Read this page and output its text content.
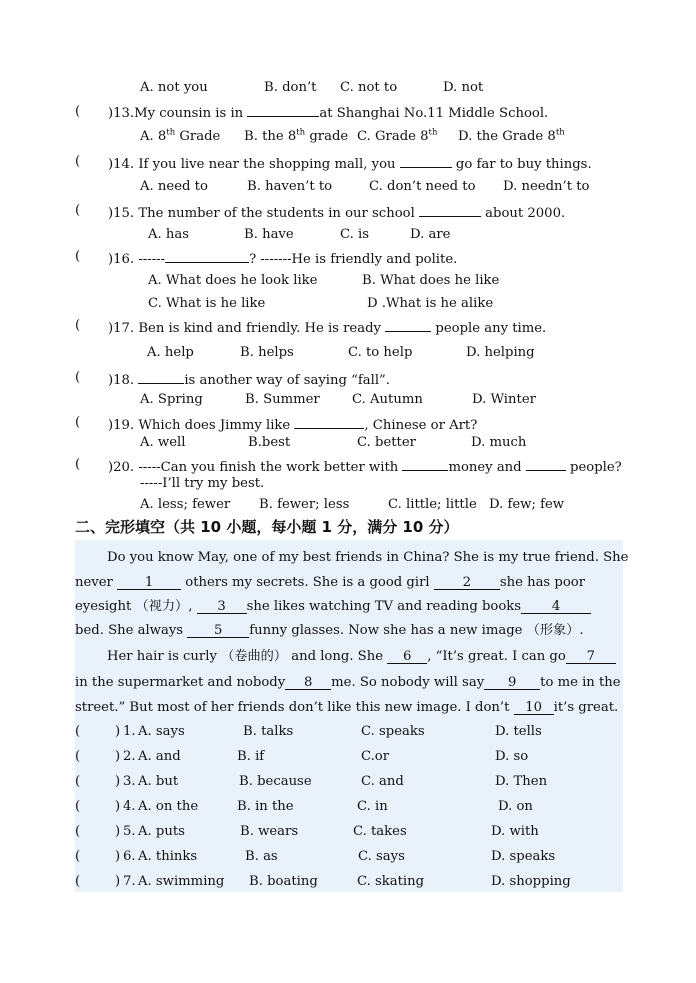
A. not you	B. don’t C. not to	D. not
( )13.My counsin is in	at Shanghai No.11 Middle School.
A. 8th Grade B. the 8th grade C. Grade 8th D. the Grade 8th
( )14. If you live near the shopping mall, you	go far to buy things.
A. need to	B. haven’t to	C. don’t need to D. needn’t to
( )15. The number of the students in our school	about 2000.
A. has	B. have	C. is	D. are
( )16. ------	? -------He is friendly and polite.
A. What does he look like	B. What does he like
C. What is he like	D .What is he alike
( )17. Ben is kind and friendly. He is ready	people any time.
A. help	B. helps	C. to help	D. helping
( )18.	is another way of saying “fall”.
A. Spring	B. Summer C. Autumn	D. Winter
( )19. Which does Jimmy like	, Chinese or Art?
A. well	B.best	C. better	D. much
( )20. -----Can you finish the work better with	money and	people?
-----I’ll try my best.
A. less; fewer B. fewer; less	C. little; little D. few; few
二、完形填空（共 10 小题，每小题 1 分，满分 10 分）
Do you know May, one of my best friends in China? She is my true friend. She
never 1 others my secrets. She is a good girl 2 she has poor
eyesight （视力）, 3 she likes watching TV and reading books 4
bed. She always 5 funny glasses. Now she has a new image （形象）.
Her hair is curly （卷曲的） and long. She 6 , “It’s great. I can go 7
in the supermarket and nobody 8 me. So nobody will say 9 to me in the
street.” But most of her friends don’t like this new image. I don’t 10 it’s great.
(	) 1. A. says	B. talks	C. speaks	D. tells
(	) 2. A. and	B. if	C.or	D. so
(	) 3. A. but	B. because	C. and	D. Then
(	) 4. A. on the	B. in the	C. in	D. on
(	) 5. A. puts	B. wears	C. takes	D. with
(	) 6. A. thinks	B. as	C. says	D. speaks
(	) 7. A. swimming B. boating	C. skating	D. shopping
